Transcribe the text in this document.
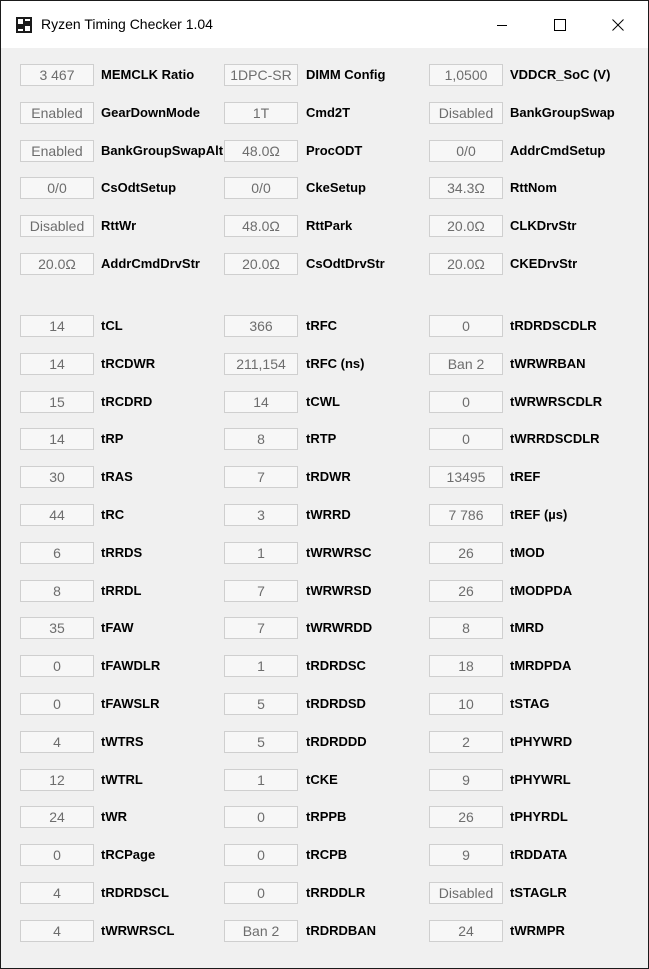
Ryzen Timing Checker 1.04
3 467	MEMCLK Ratio	1DPC-SR	DIMM Config	1,0500	VDDCR_SoC (V)
Enabled	GearDownMode	1T	Cmd2T	Disabled	BankGroupSwap
Enabled	BankGroupSwapAlt	48.0Ω	ProcODT	0/0	AddrCmdSetup
0/0	CsOdtSetup	0/0	CkeSetup	34.3Ω	RttNom
Disabled	RttWr	48.0Ω	RttPark	20.0Ω	CLKDrvStr
20.0Ω	AddrCmdDrvStr	20.0Ω	CsOdtDrvStr	20.0Ω	CKEDrvStr
14	tCL	366	tRFC	0	tRDRDSCDLR
14	tRCDWR	211,154	tRFC (ns)	Ban 2	tWRWRBAN
15	tRCDRD	14	tCWL	0	tWRWRSCDLR
14	tRP	8	tRTP	0	tWRRDSCDLR
30	tRAS	7	tRDWR	13495	tREF
44	tRC	3	tWRRD	7 786	tREF (µs)
6	tRRDS	1	tWRWRSC	26	tMOD
8	tRRDL	7	tWRWRSD	26	tMODPDA
35	tFAW	7	tWRWRDD	8	tMRD
0	tFAWDLR	1	tRDRDSC	18	tMRDPDA
0	tFAWSLR	5	tRDRDSD	10	tSTAG
4	tWTRS	5	tRDRDDD	2	tPHYWRD
12	tWTRL	1	tCKE	9	tPHYWRL
24	tWR	0	tRPPB	26	tPHYRDL
0	tRCPage	0	tRCPB	9	tRDDATA
4	tRDRDSCL	0	tRRDDLR	Disabled	tSTAGLR
4	tWRWRSCL	Ban 2	tRDRDBAN	24	tWRMPR
